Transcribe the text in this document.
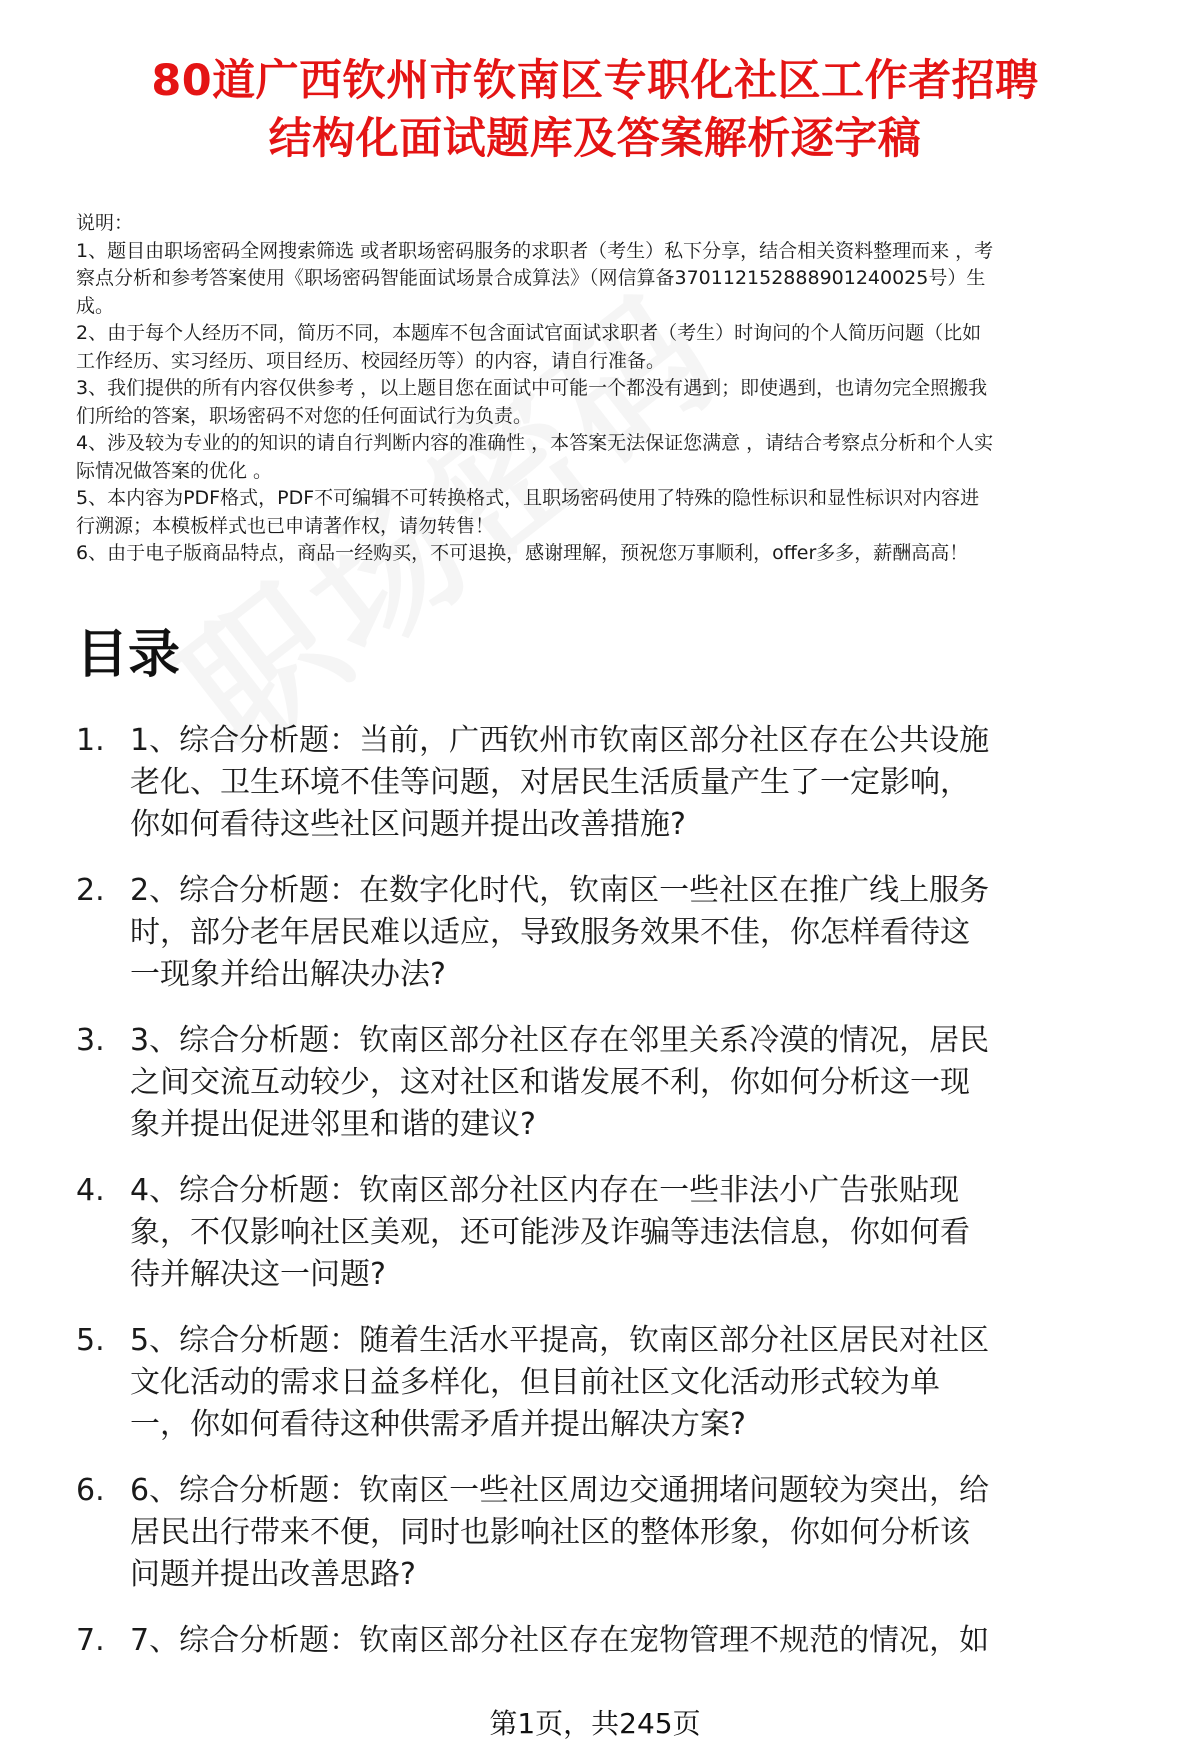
80道广西钦州市钦南区专职化社区工作者招聘
结构化面试题库及答案解析逐字稿
说明：
1、题目由职场密码全网搜索筛选 或者职场密码服务的求职者（考生）私下分享，结合相关资料整理而来 ，考
察点分析和参考答案使用《职场密码智能面试场景合成算法》（网信算备370112152888901240025号）生
成。
2、由于每个人经历不同，简历不同，本题库不包含面试官面试求职者（考生）时询问的个人简历问题（比如
工作经历、实习经历、项目经历、校园经历等）的内容，请自行准备。
3、我们提供的所有内容仅供参考 ，以上题目您在面试中可能一个都没有遇到；即使遇到，也请勿完全照搬我
们所给的答案，职场密码不对您的任何面试行为负责。
4、涉及较为专业的的知识的请自行判断内容的准确性 ，本答案无法保证您满意 ，请结合考察点分析和个人实
际情况做答案的优化 。
5、本内容为PDF格式，PDF不可编辑不可转换格式，且职场密码使用了特殊的隐性标识和显性标识对内容进
行溯源；本模板样式也已申请著作权，请勿转售！
6、由于电子版商品特点，商品一经购买，不可退换，感谢理解，预祝您万事顺利，offer多多，薪酬高高！
目录
1. 1、综合分析题：当前，广西钦州市钦南区部分社区存在公共设施
老化、卫生环境不佳等问题，对居民生活质量产生了一定影响，
你如何看待这些社区问题并提出改善措施?
2. 2、综合分析题：在数字化时代，钦南区一些社区在推广线上服务
时，部分老年居民难以适应，导致服务效果不佳，你怎样看待这
一现象并给出解决办法?
3. 3、综合分析题：钦南区部分社区存在邻里关系冷漠的情况，居民
之间交流互动较少，这对社区和谐发展不利，你如何分析这一现
象并提出促进邻里和谐的建议?
4. 4、综合分析题：钦南区部分社区内存在一些非法小广告张贴现
象，不仅影响社区美观，还可能涉及诈骗等违法信息，你如何看
待并解决这一问题?
5. 5、综合分析题：随着生活水平提高，钦南区部分社区居民对社区
文化活动的需求日益多样化，但目前社区文化活动形式较为单
一，你如何看待这种供需矛盾并提出解决方案?
6. 6、综合分析题：钦南区一些社区周边交通拥堵问题较为突出，给
居民出行带来不便，同时也影响社区的整体形象，你如何分析该
问题并提出改善思路?
7. 7、综合分析题：钦南区部分社区存在宠物管理不规范的情况，如
第1页，共245页
